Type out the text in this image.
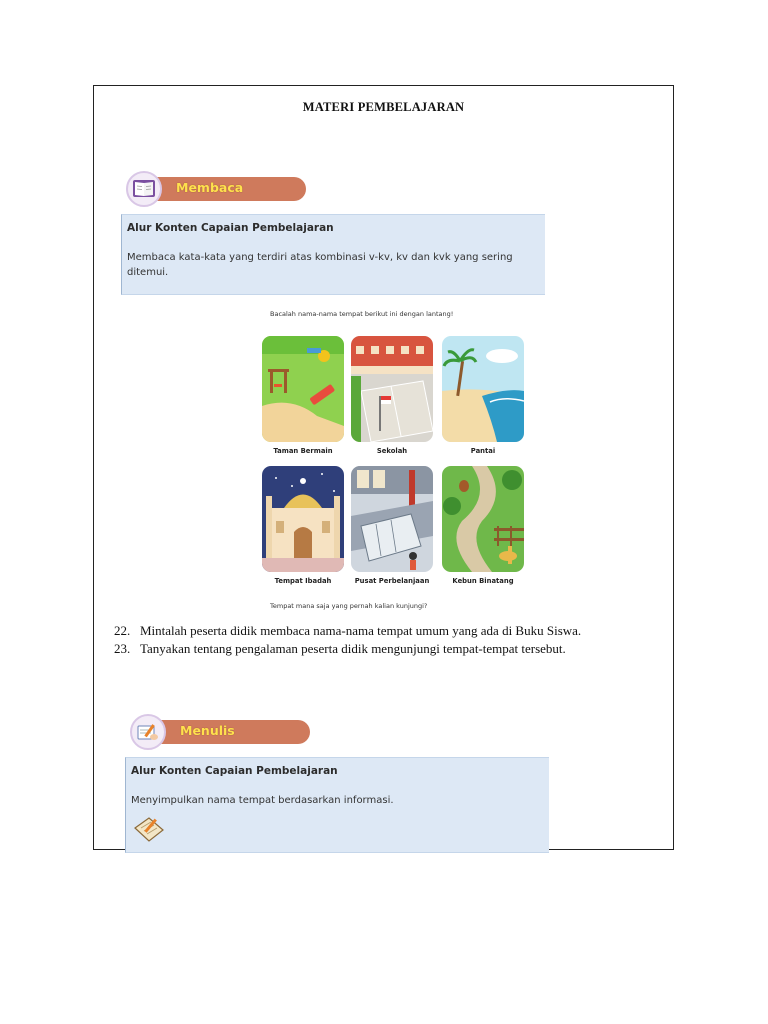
MATERI PEMBELAJARAN
Membaca
Alur Konten Capaian Pembelajaran
Membaca kata-kata yang terdiri atas kombinasi v-kv, kv dan kvk yang sering ditemui.
Bacalah nama-nama tempat berikut ini dengan lantang!
Taman Bermain	Sekolah	Pantai
Tempat Ibadah	Pusat Perbelanjaan	Kebun Binatang
Tempat mana saja yang pernah kalian kunjungi?
22. Mintalah peserta didik membaca nama-nama tempat umum yang ada di Buku Siswa.
23. Tanyakan tentang pengalaman peserta didik mengunjungi tempat-tempat tersebut.
Menulis
Alur Konten Capaian Pembelajaran
Menyimpulkan nama tempat berdasarkan informasi.
